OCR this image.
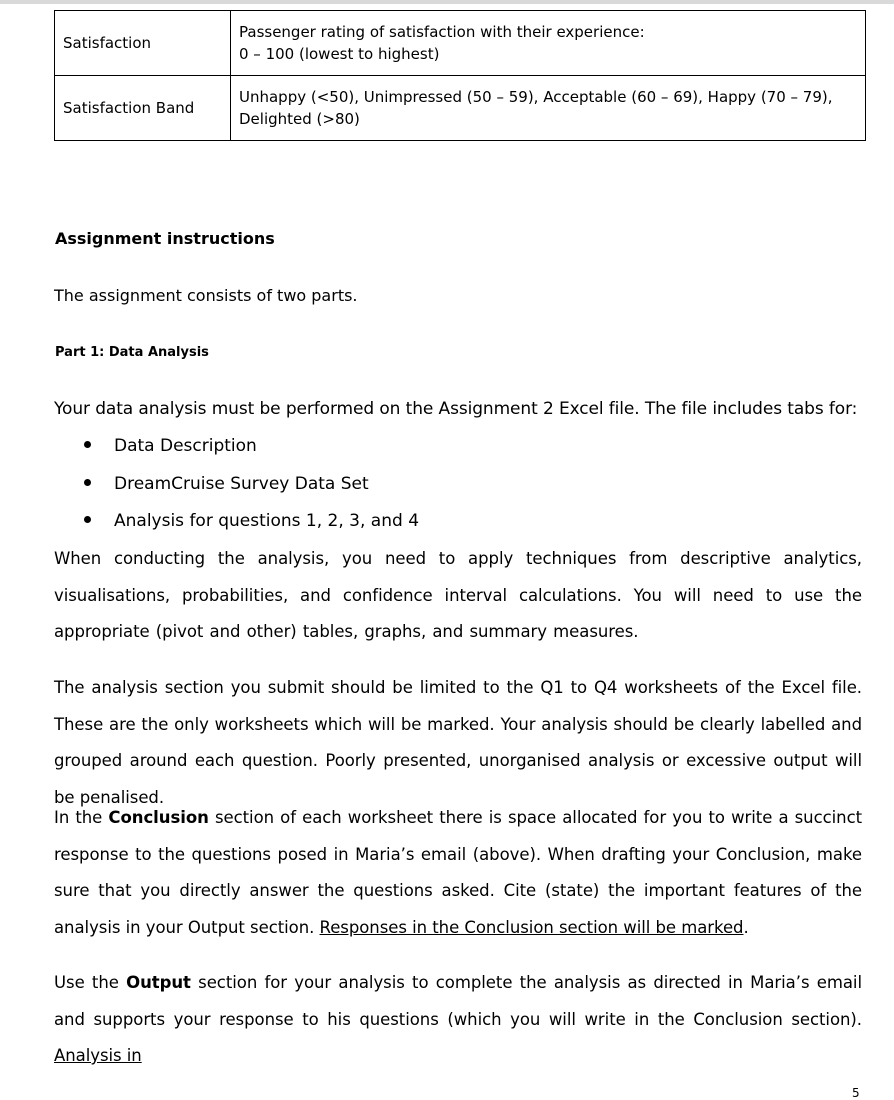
Satisfaction	Passenger rating of satisfaction with their experience:
0 – 100 (lowest to highest)

Satisfaction Band	Unhappy (<50), Unimpressed (50 – 59), Acceptable (60 – 69), Happy (70 – 79),
Delighted (>80)
Assignment instructions

The assignment consists of two parts.

Part 1: Data Analysis

Your data analysis must be performed on the Assignment 2 Excel file. The file includes tabs for:

Data Description
DreamCruise Survey Data Set
Analysis for questions 1, 2, 3, and 4

When conducting the analysis, you need to apply techniques from descriptive analytics, visualisations, probabilities, and confidence interval calculations. You will need to use the appropriate (pivot and other) tables, graphs, and summary measures.

The analysis section you submit should be limited to the Q1 to Q4 worksheets of the Excel file. These are the only worksheets which will be marked. Your analysis should be clearly labelled and grouped around each question. Poorly presented, unorganised analysis or excessive output will be penalised.

In the Conclusion section of each worksheet there is space allocated for you to write a succinct response to the questions posed in Maria’s email (above). When drafting your Conclusion, make sure that you directly answer the questions asked. Cite (state) the important features of the analysis in your Output section. Responses in the Conclusion section will be marked.

Use the Output section for your analysis to complete the analysis as directed in Maria’s email and supports your response to his questions (which you will write in the Conclusion section). Analysis in

5
